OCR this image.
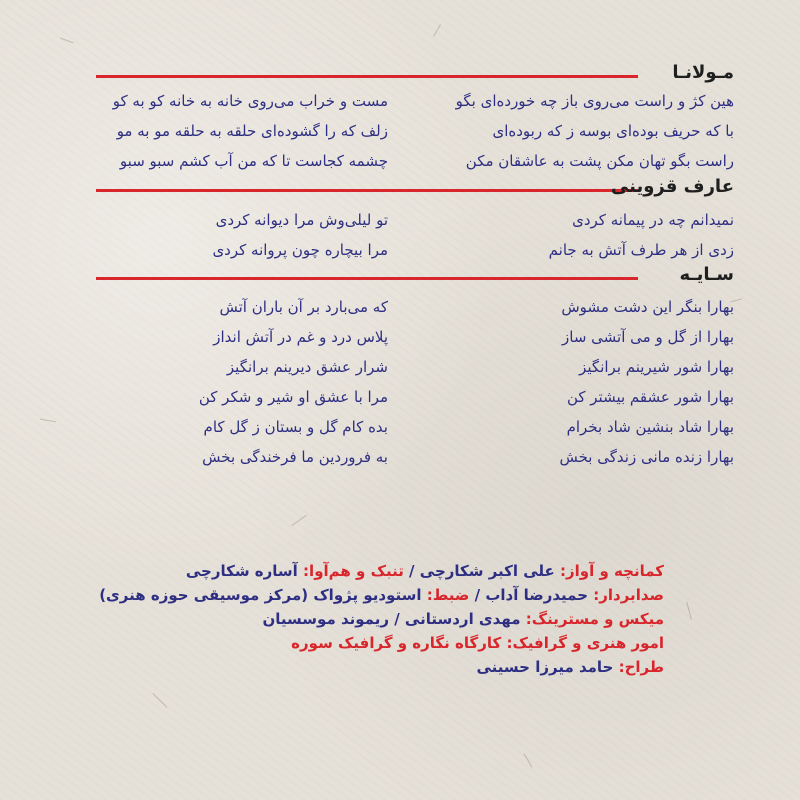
مـولانـا
هین کژ و راست می‌روی باز چه خورده‌ای بگو
با که حریف بوده‌ای بوسه ز که ربوده‌ای
راست بگو تهان مکن پشت به عاشقان مکن
مست و خراب می‌روی خانه به خانه کو به کو
زلف که را گشوده‌ای حلقه به حلقه مو به مو
چشمه کجاست تا که من آب کشم سبو سبو
عارف قزوینی
نمیدانم چه در پیمانه کردی
زدی از هر طرف آتش به جانم
تو لیلی‌وش مرا دیوانه کردی
مرا بیچاره چون پروانه کردی
سـایـه
بهارا بنگر این دشت مشوش
بهارا از گل و می آتشی ساز
بهارا شور شیرینم برانگیز
بهارا شور عشقم بیشتر کن
بهارا شاد بنشین شاد بخرام
بهارا زنده مانی زندگی بخش
که می‌بارد بر آن باران آتش
پلاس درد و غم در آتش انداز
شرار عشق دیرینم برانگیز
مرا با عشق او شیر و شکر کن
بده کام گل و بستان ز گل کام
به فروردین ما فرخندگی بخش
کمانچه و آواز: علی اکبر شکارچی / تنبک و هم‌آوا: آساره شکارچی
صدابردار: حمیدرضا آداب / ضبط: استودیو پژواک (مرکز موسیقی حوزه هنری)
میکس و مسترینگ: مهدی اردستانی / ریموند موسسیان
امور هنری و گرافیک: کارگاه نگاره و گرافیک سوره
طراح: حامد میرزا حسینی
